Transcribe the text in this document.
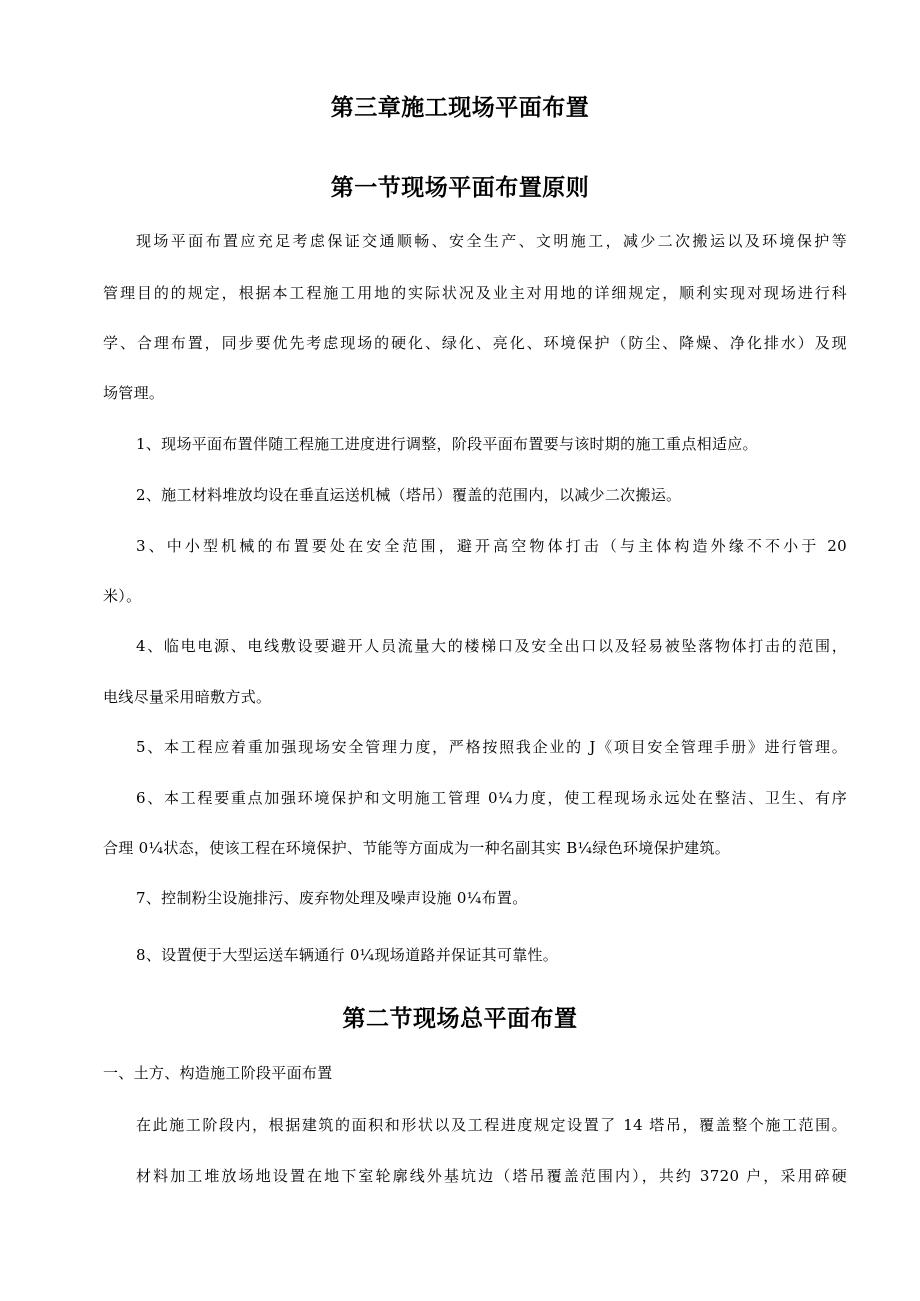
第三章施工现场平面布置
第一节现场平面布置原则
现场平面布置应充足考虑保证交通顺畅、安全生产、文明施工，减少二次搬运以及环境保护等
管理目的的规定，根据本工程施工用地的实际状况及业主对用地的详细规定，顺利实现对现场进行科
学、合理布置，同步要优先考虑现场的硬化、绿化、亮化、环境保护（防尘、降燥、净化排水）及现
场管理。
1、现场平面布置伴随工程施工进度进行调整，阶段平面布置要与该时期的施工重点相适应。
2、施工材料堆放均设在垂直运送机械（塔吊）覆盖的范围内，以减少二次搬运。
3、中小型机械的布置要处在安全范围，避开高空物体打击（与主体构造外缘不不小于 20
米）。
4、临电电源、电线敷设要避开人员流量大的楼梯口及安全出口以及轻易被坠落物体打击的范围，
电线尽量采用暗敷方式。
5、本工程应着重加强现场安全管理力度，严格按照我企业的 J《项目安全管理手册》进行管理。
6、本工程要重点加强环境保护和文明施工管理 0¼力度，使工程现场永远处在整洁、卫生、有序
合理 0¼状态，使该工程在环境保护、节能等方面成为一种名副其实 B¼绿色环境保护建筑。
7、控制粉尘设施排污、废弃物处理及噪声设施 0¼布置。
8、设置便于大型运送车辆通行 0¼现场道路并保证其可靠性。
第二节现场总平面布置
一、土方、构造施工阶段平面布置
在此施工阶段内，根据建筑的面积和形状以及工程进度规定设置了 14 塔吊，覆盖整个施工范围。
材料加工堆放场地设置在地下室轮廓线外基坑边（塔吊覆盖范围内），共约 3720 户，采用碎硬
